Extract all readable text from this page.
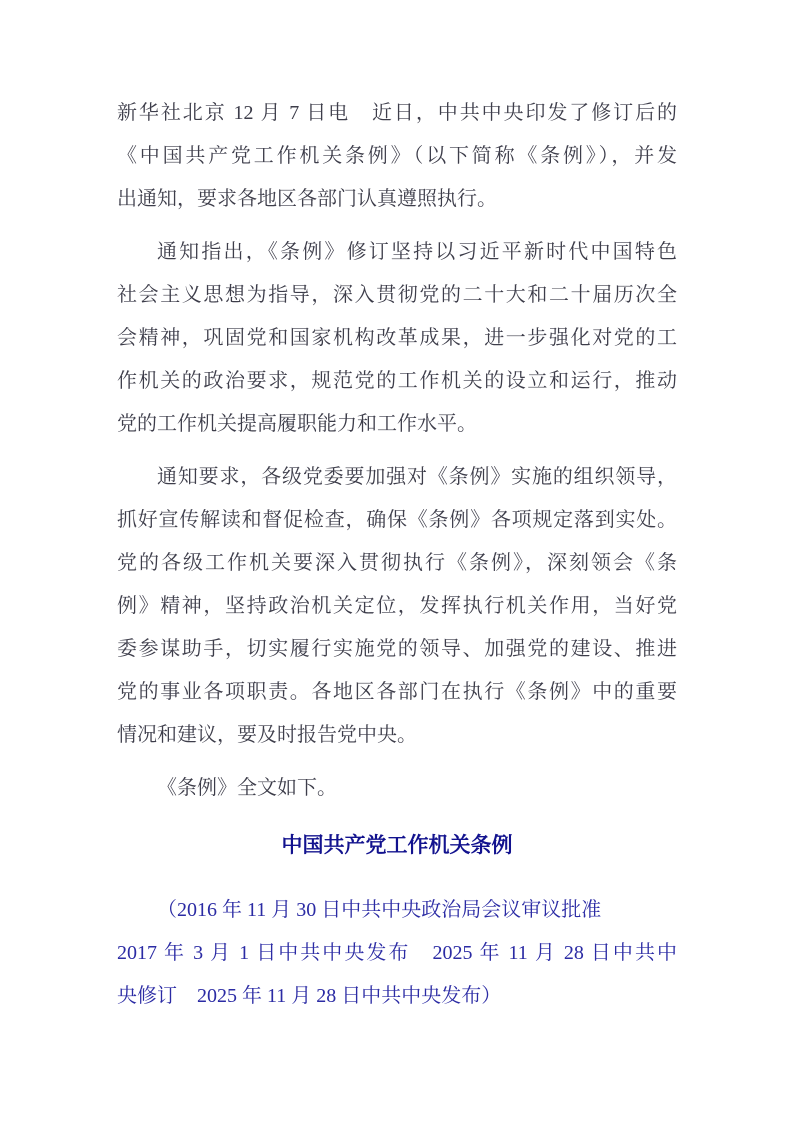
新华社北京 12 月 7 日电　近日，中共中央印发了修订后的
《中国共产党工作机关条例》（以下简称《条例》），并发
出通知，要求各地区各部门认真遵照执行。
通知指出，《条例》修订坚持以习近平新时代中国特色
社会主义思想为指导，深入贯彻党的二十大和二十届历次全
会精神，巩固党和国家机构改革成果，进一步强化对党的工
作机关的政治要求，规范党的工作机关的设立和运行，推动
党的工作机关提高履职能力和工作水平。
通知要求，各级党委要加强对《条例》实施的组织领导，
抓好宣传解读和督促检查，确保《条例》各项规定落到实处。
党的各级工作机关要深入贯彻执行《条例》，深刻领会《条
例》精神，坚持政治机关定位，发挥执行机关作用，当好党
委参谋助手，切实履行实施党的领导、加强党的建设、推进
党的事业各项职责。各地区各部门在执行《条例》中的重要
情况和建议，要及时报告党中央。
《条例》全文如下。
中国共产党工作机关条例
（2016 年 11 月 30 日中共中央政治局会议审议批准
2017 年 3 月 1 日中共中央发布　2025 年 11 月 28 日中共中
央修订　2025 年 11 月 28 日中共中央发布）
